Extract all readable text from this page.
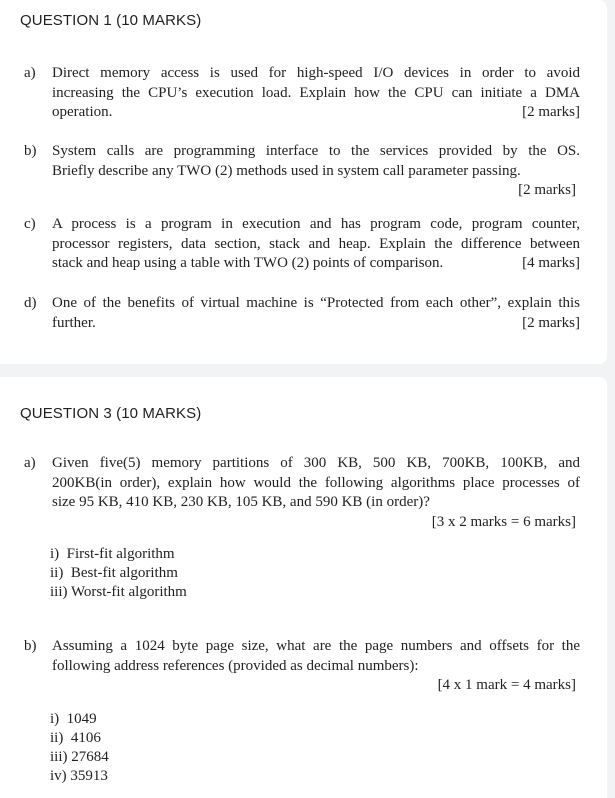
QUESTION 1 (10 MARKS)
a) Direct memory access is used for high-speed I/O devices in order to avoid
increasing the CPU’s execution load. Explain how the CPU can initiate a DMA
operation.	[2 marks]
b) System calls are programming interface to the services provided by the OS.
Briefly describe any TWO (2) methods used in system call parameter passing.
[2 marks]
c) A process is a program in execution and has program code, program counter,
processor registers, data section, stack and heap. Explain the difference between
stack and heap using a table with TWO (2) points of comparison.	[4 marks]
d) One of the benefits of virtual machine is “Protected from each other”, explain this
further.	[2 marks]
QUESTION 3 (10 MARKS)
a) Given five(5) memory partitions of 300 KB, 500 KB, 700KB, 100KB, and
200KB(in order), explain how would the following algorithms place processes of
size 95 KB, 410 KB, 230 KB, 105 KB, and 590 KB (in order)?
[3 x 2 marks = 6 marks]
i)  First-fit algorithm
ii)  Best-fit algorithm
iii) Worst-fit algorithm
b) Assuming a 1024 byte page size, what are the page numbers and offsets for the
following address references (provided as decimal numbers):
[4 x 1 mark = 4 marks]
i)  1049
ii)  4106
iii) 27684
iv) 35913
